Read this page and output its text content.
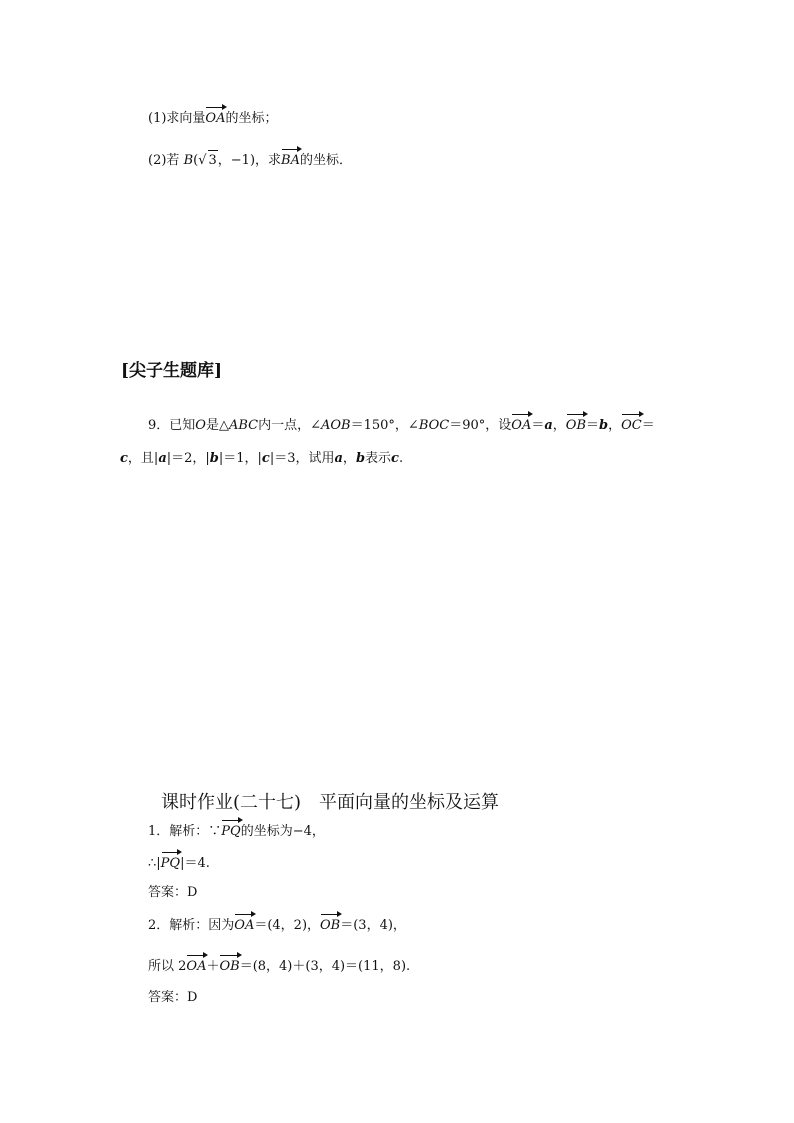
(1)求向量OA的坐标；
(2)若 B(√ 3，−1)，求BA的坐标．
[尖子生题库]
9．已知O是△ABC内一点，∠AOB＝150°，∠BOC＝90°，设OA＝a，OB＝b，OC＝
c，且|a|＝2，|b|＝1，|c|＝3，试用a，b表示c.
课时作业(二十七)　平面向量的坐标及运算
1．解析：∵PQ的坐标为−4，
∴|PQ|＝4.
答案：D
2．解析：因为OA＝(4，2)，OB＝(3，4)，
所以 2OA＋OB＝(8，4)＋(3，4)＝(11，8).
答案：D
